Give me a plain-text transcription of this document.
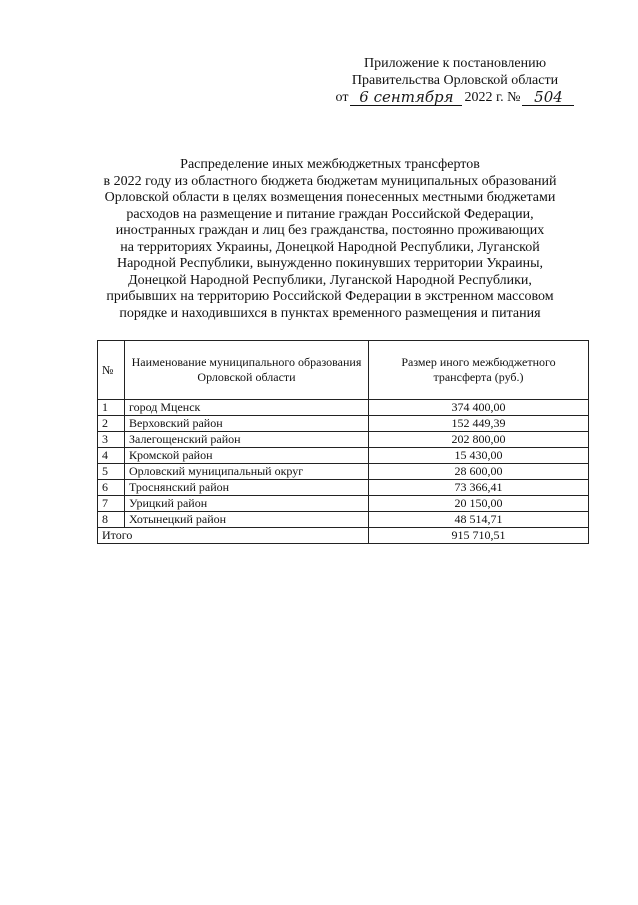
Приложение к постановлению
Правительства Орловской области
от 6 сентября 2022 г. № 504
Распределение иных межбюджетных трансфертов
в 2022 году из областного бюджета бюджетам муниципальных образований
Орловской области в целях возмещения понесенных местными бюджетами
расходов на размещение и питание граждан Российской Федерации,
иностранных граждан и лиц без гражданства, постоянно проживающих
на территориях Украины, Донецкой Народной Республики, Луганской
Народной Республики, вынужденно покинувших территории Украины,
Донецкой Народной Республики, Луганской Народной Республики,
прибывших на территорию Российской Федерации в экстренном массовом
порядке и находившихся в пунктах временного размещения и питания
№	Наименование муниципального образования Орловской области	Размер иного межбюджетного трансферта (руб.)
1	город Мценск	374 400,00
2	Верховский район	152 449,39
3	Залегощенский район	202 800,00
4	Кромской район	15 430,00
5	Орловский муниципальный округ	28 600,00
6	Троснянский район	73 366,41
7	Урицкий район	20 150,00
8	Хотынецкий район	48 514,71
Итого		915 710,51
